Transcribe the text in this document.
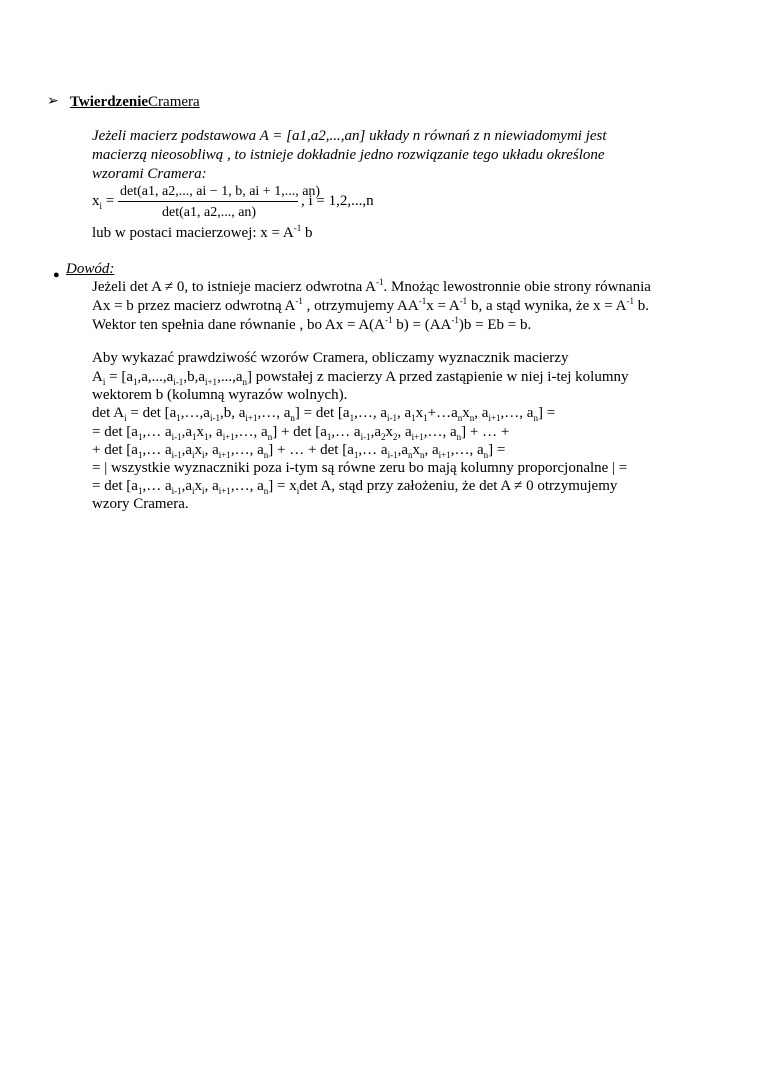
➢ TwierdzenieCramera
Jeżeli macierz podstawowa A = [a1,a2,...,an] układy n równań z n niewiadomymi jest
macierzą nieosobliwą , to istnieje dokładnie jedno rozwiązanie tego układu określone
wzorami Cramera:
$x_i$ =
det(a1, a2,..., ai − 1, b, ai + 1,..., an)
det(a1, a2,..., an)
, i = 1,2,...,n
lub w postaci macierzowej: $x = A^{-1}$ b
● Dowód:
Jeżeli det A ≠ 0, to istnieje macierz odwrotna $A^{-1}$. Mnożąc lewostronnie obie strony równania
Ax = b przez macierz odwrotną $A^{-1}$ , otrzymujemy $AA^{-1}x = A^{-1}$ b, a stąd wynika, że $x = A^{-1}$ b.
Wektor ten spełnia dane równanie , bo $Ax = A(A^{-1}$ $b) = (AA^{-1})b = Eb = b$.
Aby wykazać prawdziwość wzorów Cramera, obliczamy wyznacznik macierzy
$A_i = [a_1,a,...,a_{i-1},b,a_{i+1},...,a_n]$ powstałej z macierzy A przed zastąpienie w niej i-tej kolumny
wektorem b (kolumną wyrazów wolnych).
$\det A_i = \det$ [$a_1,\dots,a_{i-1},b$, $a_{i+1},\dots$, $a_n] = \det$ [$a_1,\dots$, $a_{i-1}$, $a_1x_1+\dots a_nx_n$, $a_{i+1},\dots$, $a_n$] =
= $\det [a_1,\dots$ $a_{i-1},a_1x_1$, $a_{i+1},\dots$, $a_n] + \det$ [$a_1,\dots$ $a_{i-1},a_2x_2$, $a_{i+1},\dots$, $a_n$] + … +
+ $\det [a_1,\dots$ $a_{i-1},a_ix_i$, $a_{i+1},\dots$, $a_n$] + … + $\det [a_1,\dots$ $a_{i-1},a_nx_n$, $a_{i+1},\dots$, $a_n$] =
= | wszystkie wyznaczniki poza i-tym są równe zeru bo mają kolumny proporcjonalne | =
= $\det [a_1,\dots$ $a_{i-1},a_ix_i$, $a_{i+1},\dots$, $a_n] = x_i\det$ A, stąd przy założeniu, że det A ≠ 0 otrzymujemy
wzory Cramera.
